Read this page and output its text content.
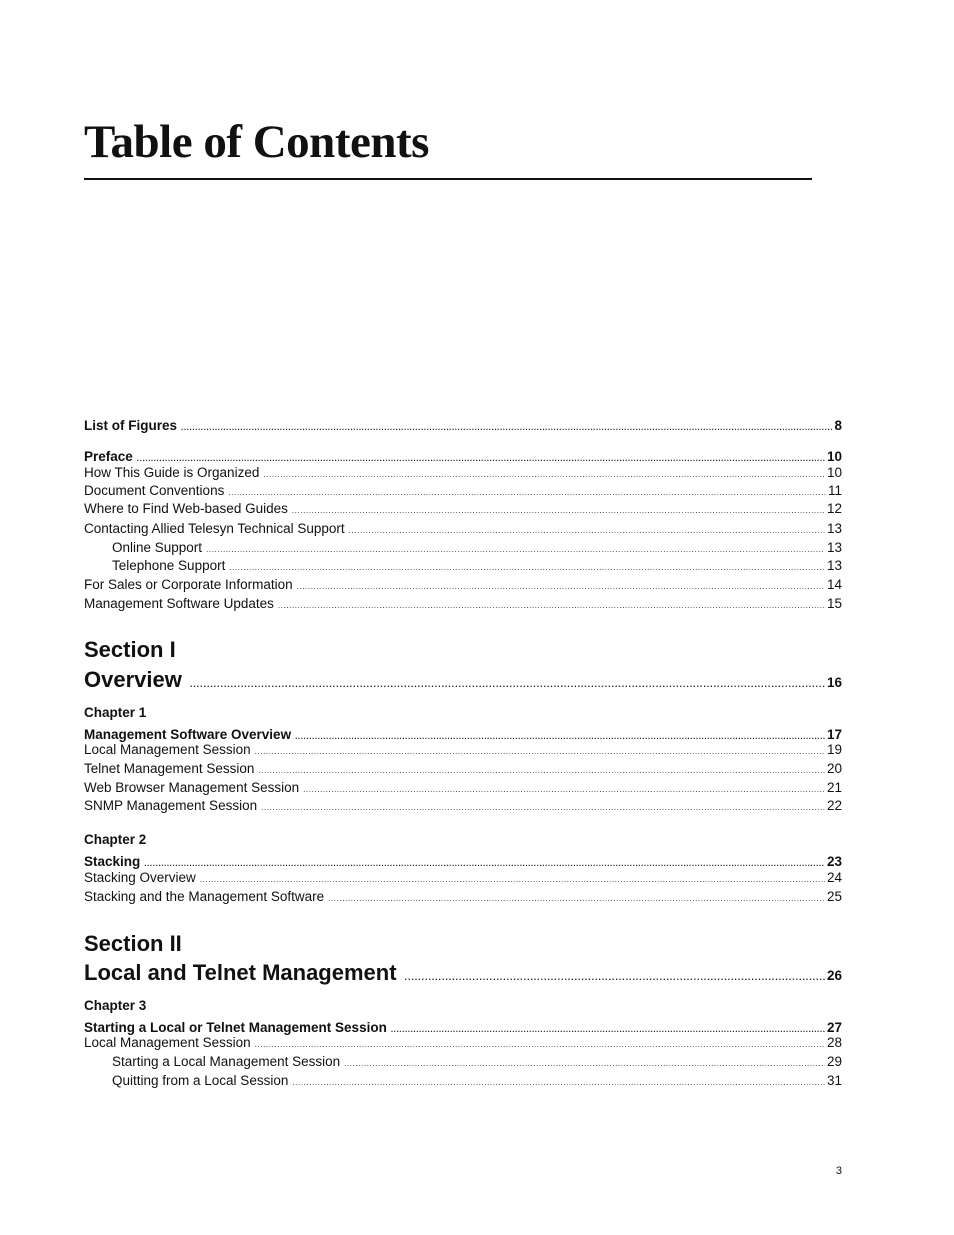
Table of Contents
List of Figures .....	8
Preface .....	10
How This Guide is Organized .....	10
Document Conventions .....	11
Where to Find Web-based Guides .....	12
Contacting Allied Telesyn Technical Support .....	13
Online Support .....	13
Telephone Support .....	13
For Sales or Corporate Information .....	14
Management Software Updates .....	15
Section I
Overview .....	16
Chapter 1
Management Software Overview .....	17
Local Management Session .....	19
Telnet Management Session .....	20
Web Browser Management Session .....	21
SNMP Management Session .....	22
Chapter 2
Stacking .....	23
Stacking Overview .....	24
Stacking and the Management Software .....	25
Section II
Local and Telnet Management .....	26
Chapter 3
Starting a Local or Telnet Management Session .....	27
Local Management Session .....	28
Starting a Local Management Session .....	29
Quitting from a Local Session .....	31
3
